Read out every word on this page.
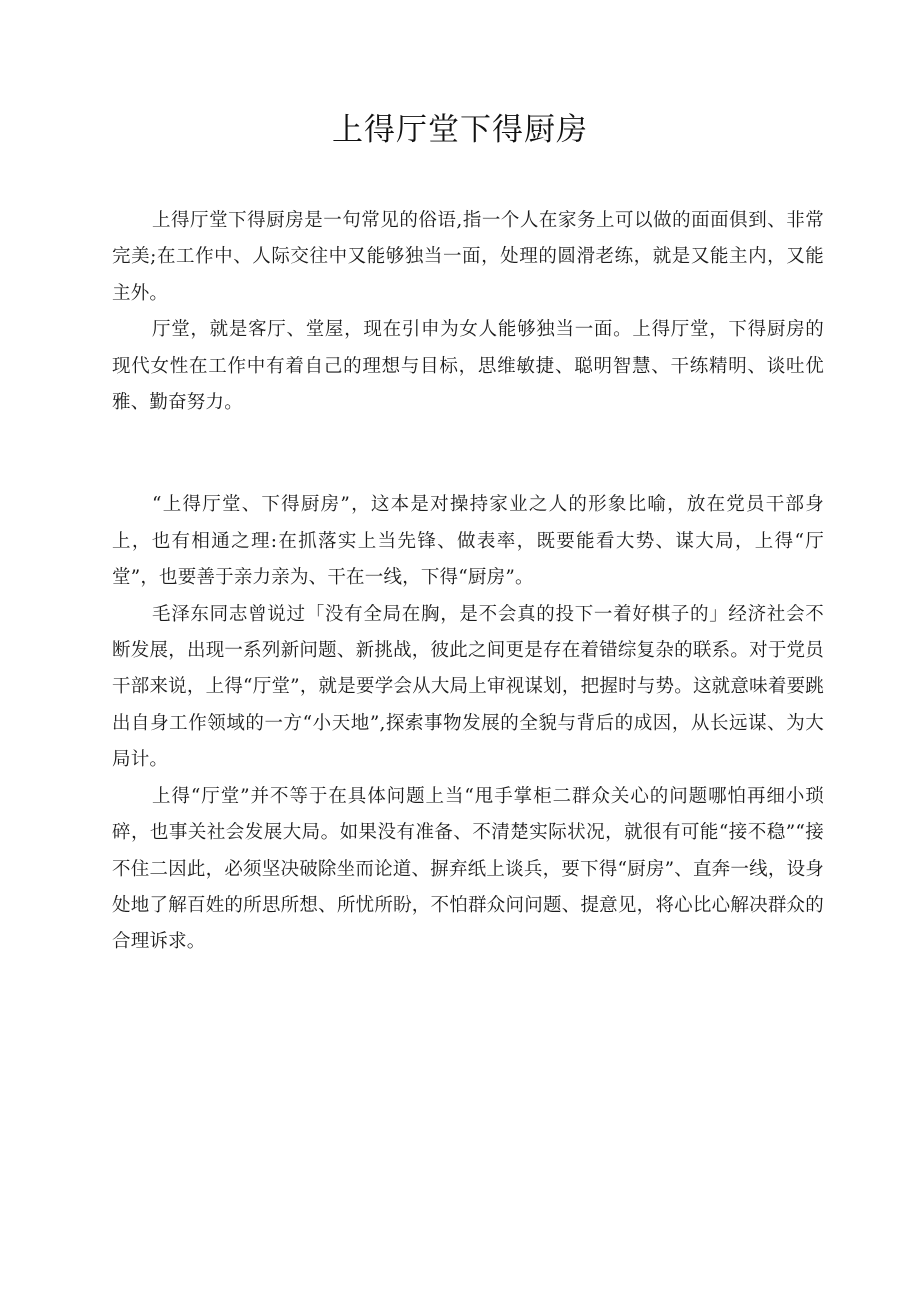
上得厅堂下得厨房

上得厅堂下得厨房是一句常见的俗语,指一个人在家务上可以做的面面俱到、非常完美;在工作中、人际交往中又能够独当一面，处理的圆滑老练，就是又能主内，又能主外。

厅堂，就是客厅、堂屋，现在引申为女人能够独当一面。上得厅堂，下得厨房的现代女性在工作中有着自己的理想与目标，思维敏捷、聪明智慧、干练精明、谈吐优雅、勤奋努力。

“上得厅堂、下得厨房”，这本是对操持家业之人的形象比喻，放在党员干部身上，也有相通之理:在抓落实上当先锋、做表率，既要能看大势、谋大局，上得“厅堂”，也要善于亲力亲为、干在一线，下得“厨房”。

毛泽东同志曾说过「没有全局在胸，是不会真的投下一着好棋子的」经济社会不断发展，出现一系列新问题、新挑战，彼此之间更是存在着错综复杂的联系。对于党员干部来说，上得“厅堂”，就是要学会从大局上审视谋划，把握时与势。这就意味着要跳出自身工作领域的一方“小天地”,探索事物发展的全貌与背后的成因，从长远谋、为大局计。

上得“厅堂”并不等于在具体问题上当“甩手掌柜二群众关心的问题哪怕再细小琐碎，也事关社会发展大局。如果没有准备、不清楚实际状况，就很有可能“接不稳”“接不住二因此，必须坚决破除坐而论道、摒弃纸上谈兵，要下得“厨房”、直奔一线，设身处地了解百姓的所思所想、所忧所盼，不怕群众问问题、提意见，将心比心解决群众的合理诉求。
